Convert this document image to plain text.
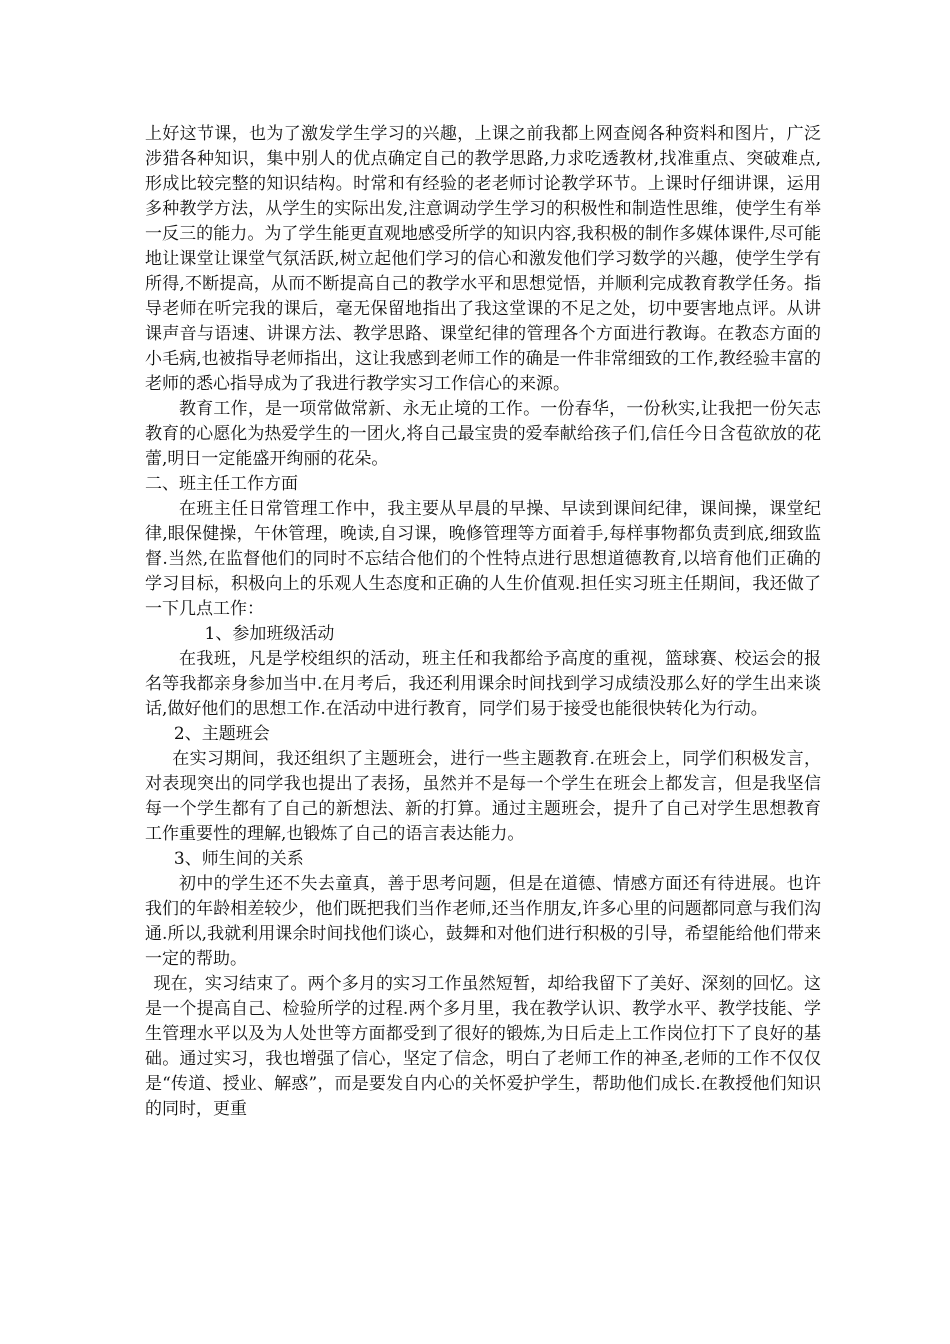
上好这节课，也为了激发学生学习的兴趣，上课之前我都上网查阅各种资料和图片，广泛涉猎各种知识，集中别人的优点确定自己的教学思路,力求吃透教材,找准重点、突破难点,形成比较完整的知识结构。时常和有经验的老老师讨论教学环节。上课时仔细讲课，运用多种教学方法，从学生的实际出发,注意调动学生学习的积极性和制造性思维，使学生有举一反三的能力。为了学生能更直观地感受所学的知识内容,我积极的制作多媒体课件,尽可能地让课堂让课堂气氛活跃,树立起他们学习的信心和激发他们学习数学的兴趣，使学生学有所得,不断提高，从而不断提高自己的教学水平和思想觉悟，并顺利完成教育教学任务。指导老师在听完我的课后，毫无保留地指出了我这堂课的不足之处，切中要害地点评。从讲课声音与语速、讲课方法、教学思路、课堂纪律的管理各个方面进行教诲。在教态方面的小毛病,也被指导老师指出，这让我感到老师工作的确是一件非常细致的工作,教经验丰富的老师的悉心指导成为了我进行教学实习工作信心的来源。

教育工作，是一项常做常新、永无止境的工作。一份春华，一份秋实,让我把一份矢志教育的心愿化为热爱学生的一团火,将自己最宝贵的爱奉献给孩子们,信任今日含苞欲放的花蕾,明日一定能盛开绚丽的花朵。

二、班主任工作方面

在班主任日常管理工作中，我主要从早晨的早操、早读到课间纪律，课间操，课堂纪律,眼保健操，午休管理，晚读,自习课，晚修管理等方面着手,每样事物都负责到底,细致监督.当然,在监督他们的同时不忘结合他们的个性特点进行思想道德教育,以培育他们正确的学习目标，积极向上的乐观人生态度和正确的人生价值观.担任实习班主任期间，我还做了一下几点工作：

1、参加班级活动

在我班，凡是学校组织的活动，班主任和我都给予高度的重视，篮球赛、校运会的报名等我都亲身参加当中.在月考后，我还利用课余时间找到学习成绩没那么好的学生出来谈话,做好他们的思想工作.在活动中进行教育，同学们易于接受也能很快转化为行动。

2、主题班会

在实习期间，我还组织了主题班会，进行一些主题教育.在班会上，同学们积极发言，对表现突出的同学我也提出了表扬，虽然并不是每一个学生在班会上都发言，但是我坚信每一个学生都有了自己的新想法、新的打算。通过主题班会，提升了自己对学生思想教育工作重要性的理解,也锻炼了自己的语言表达能力。

3、师生间的关系

初中的学生还不失去童真，善于思考问题，但是在道德、情感方面还有待进展。也许我们的年龄相差较少，他们既把我们当作老师,还当作朋友,许多心里的问题都同意与我们沟通.所以,我就利用课余时间找他们谈心，鼓舞和对他们进行积极的引导，希望能给他们带来一定的帮助。

现在，实习结束了。两个多月的实习工作虽然短暂，却给我留下了美好、深刻的回忆。这是一个提高自己、检验所学的过程.两个多月里，我在教学认识、教学水平、教学技能、学生管理水平以及为人处世等方面都受到了很好的锻炼,为日后走上工作岗位打下了良好的基础。通过实习，我也增强了信心，坚定了信念，明白了老师工作的神圣,老师的工作不仅仅是“传道、授业、解惑”，而是要发自内心的关怀爱护学生，帮助他们成长.在教授他们知识的同时，更重
